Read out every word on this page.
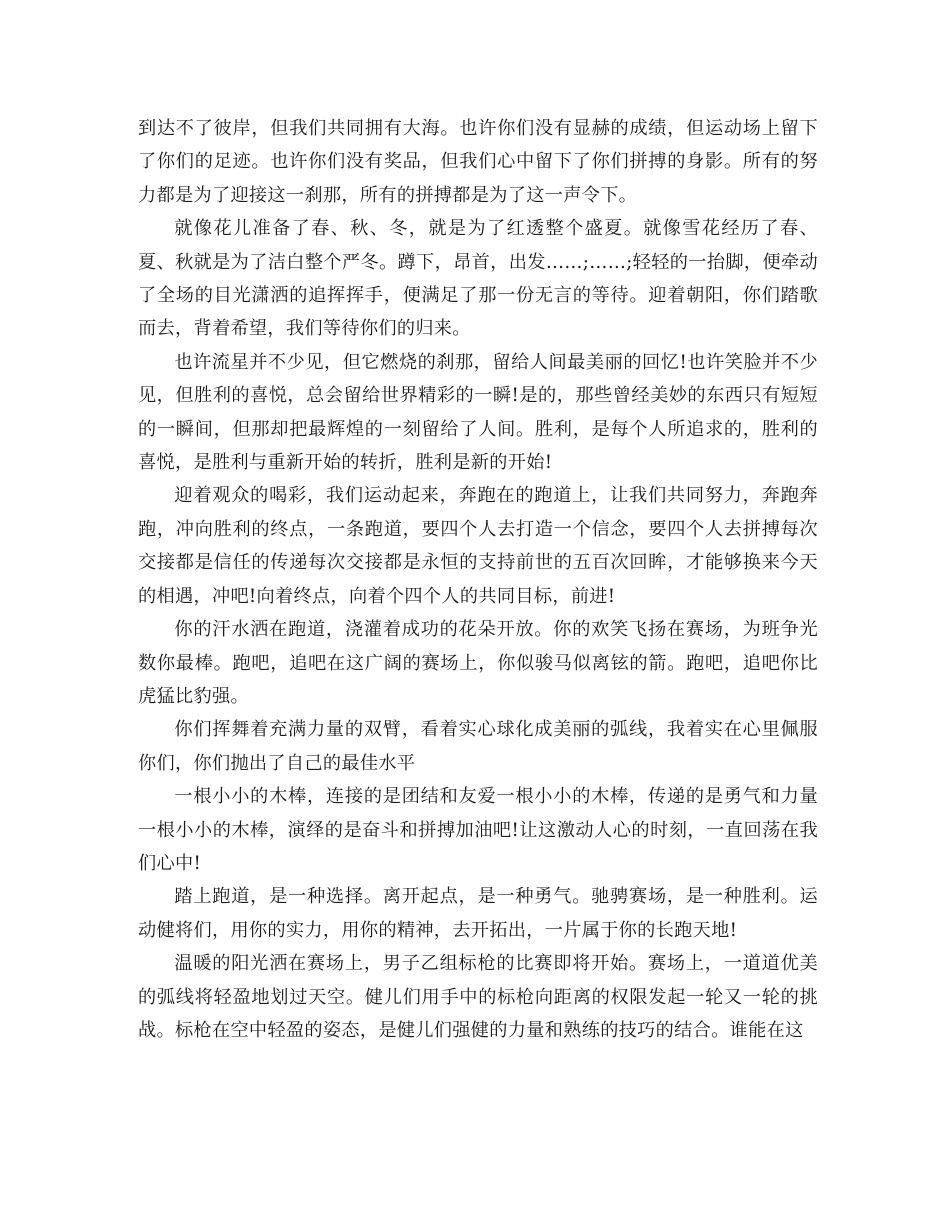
到达不了彼岸，但我们共同拥有大海。也许你们没有显赫的成绩，但运动场上留下了你们的足迹。也许你们没有奖品，但我们心中留下了你们拼搏的身影。所有的努力都是为了迎接这一刹那，所有的拼搏都是为了这一声令下。

就像花儿准备了春、秋、冬，就是为了红透整个盛夏。就像雪花经历了春、夏、秋就是为了洁白整个严冬。蹲下，昂首，出发……;……;轻轻的一抬脚，便牵动了全场的目光潇洒的追挥挥手，便满足了那一份无言的等待。迎着朝阳，你们踏歌而去，背着希望，我们等待你们的归来。

也许流星并不少见，但它燃烧的刹那，留给人间最美丽的回忆!也许笑脸并不少见，但胜利的喜悦，总会留给世界精彩的一瞬!是的，那些曾经美妙的东西只有短短的一瞬间，但那却把最辉煌的一刻留给了人间。胜利，是每个人所追求的，胜利的喜悦，是胜利与重新开始的转折，胜利是新的开始!

迎着观众的喝彩，我们运动起来，奔跑在的跑道上，让我们共同努力，奔跑奔跑，冲向胜利的终点，一条跑道，要四个人去打造一个信念，要四个人去拼搏每次交接都是信任的传递每次交接都是永恒的支持前世的五百次回眸，才能够换来今天的相遇，冲吧!向着终点，向着个四个人的共同目标，前进!

你的汗水洒在跑道，浇灌着成功的花朵开放。你的欢笑飞扬在赛场，为班争光数你最棒。跑吧，追吧在这广阔的赛场上，你似骏马似离铉的箭。跑吧，追吧你比虎猛比豹强。

你们挥舞着充满力量的双臂，看着实心球化成美丽的弧线，我着实在心里佩服你们，你们抛出了自己的最佳水平

一根小小的木棒，连接的是团结和友爱一根小小的木棒，传递的是勇气和力量一根小小的木棒，演绎的是奋斗和拼搏加油吧!让这激动人心的时刻，一直回荡在我们心中!

踏上跑道，是一种选择。离开起点，是一种勇气。驰骋赛场，是一种胜利。运动健将们，用你的实力，用你的精神，去开拓出，一片属于你的长跑天地!

温暖的阳光洒在赛场上，男子乙组标枪的比赛即将开始。赛场上，一道道优美的弧线将轻盈地划过天空。健儿们用手中的标枪向距离的权限发起一轮又一轮的挑战。标枪在空中轻盈的姿态，是健儿们强健的力量和熟练的技巧的结合。谁能在这
